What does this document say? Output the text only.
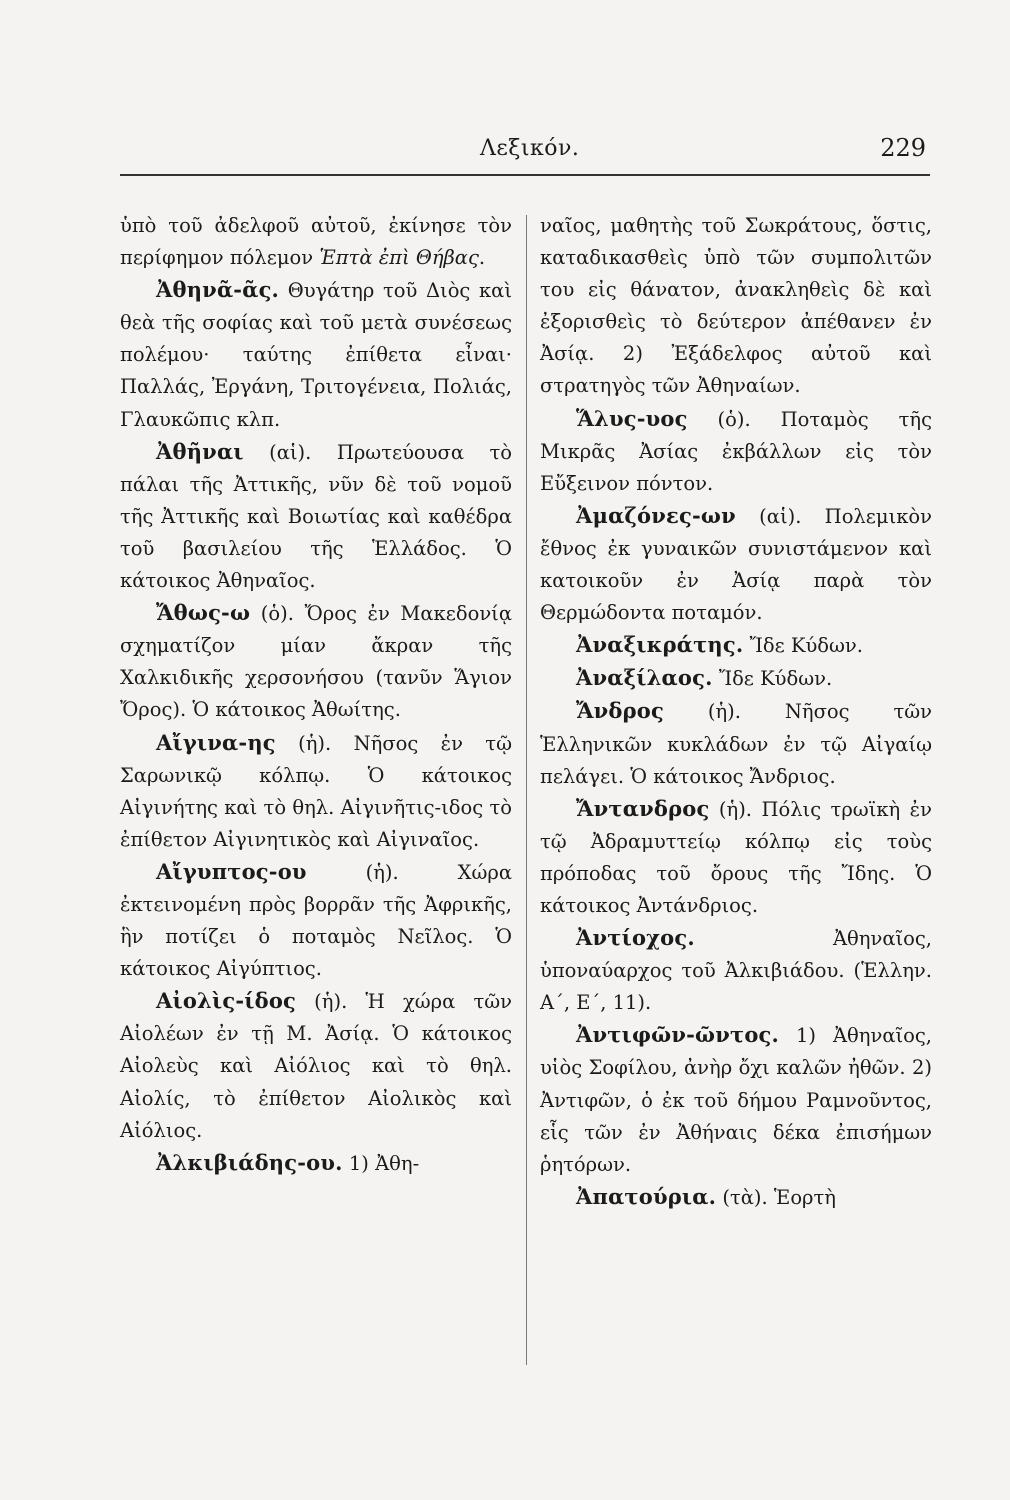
Λεξικόν.	229

ὑπὸ τοῦ ἀδελφοῦ αὐτοῦ, ἐκίνησε τὸν περίφημον πόλεμον Ἑπτὰ ἐπὶ Θήβας.

Ἀθηνᾶ-ᾶς. Θυγάτηρ τοῦ Διὸς καὶ θεὰ τῆς σοφίας καὶ τοῦ μετὰ συνέσεως πολέμου· ταύτης ἐπίθετα εἶναι· Παλλάς, Ἐργάνη, Τριτογένεια, Πολιάς, Γλαυκῶπις κλπ.

Ἀθῆναι (αἱ). Πρωτεύουσα τὸ πάλαι τῆς Ἀττικῆς, νῦν δὲ τοῦ νομοῦ τῆς Ἀττικῆς καὶ Βοιωτίας καὶ καθέδρα τοῦ βασιλείου τῆς Ἑλλάδος. Ὁ κάτοικος Ἀθηναῖος.

Ἄθως-ω (ὁ). Ὄρος ἐν Μακεδονίᾳ σχηματίζον μίαν ἄκραν τῆς Χαλκιδικῆς χερσονήσου (τανῦν Ἅγιον Ὄρος). Ὁ κάτοικος Ἀθωίτης.

Αἴγινα-ης (ἡ). Νῆσος ἐν τῷ Σαρωνικῷ κόλπῳ. Ὁ κάτοικος Αἰγινήτης καὶ τὸ θηλ. Αἰγινῆτις-ιδος τὸ ἐπίθετον Αἰγινητικὸς καὶ Αἰγιναῖος.

Αἴγυπτος-ου (ἡ). Χώρα ἐκτεινομένη πρὸς βορρᾶν τῆς Ἀφρικῆς, ἣν ποτίζει ὁ ποταμὸς Νεῖλος. Ὁ κάτοικος Αἰγύπτιος.

Αἰολὶς-ίδος (ἡ). Ἡ χώρα τῶν Αἰολέων ἐν τῇ Μ. Ἀσίᾳ. Ὁ κάτοικος Αἰολεὺς καὶ Αἰόλιος καὶ τὸ θηλ. Αἰολίς, τὸ ἐπίθετον Αἰολικὸς καὶ Αἰόλιος.

Ἀλκιβιάδης-ου. 1) Ἀθη-

ναῖος, μαθητὴς τοῦ Σωκράτους, ὅστις, καταδικασθεὶς ὑπὸ τῶν συμπολιτῶν του εἰς θάνατον, ἀνακληθεὶς δὲ καὶ ἐξορισθεὶς τὸ δεύτερον ἀπέθανεν ἐν Ἀσίᾳ. 2) Ἐξάδελφος αὐτοῦ καὶ στρατηγὸς τῶν Ἀθηναίων.

Ἅλυς-υος (ὁ). Ποταμὸς τῆς Μικρᾶς Ἀσίας ἐκβάλλων εἰς τὸν Εὔξεινον πόντον.

Ἀμαζόνες-ων (αἱ). Πολεμικὸν ἔθνος ἐκ γυναικῶν συνιστάμενον καὶ κατοικοῦν ἐν Ἀσίᾳ παρὰ τὸν Θερμώδοντα ποταμόν.

Ἀναξικράτης. Ἴδε Κύδων.

Ἀναξίλαος. Ἴδε Κύδων.

Ἄνδρος (ἡ). Νῆσος τῶν Ἑλληνικῶν κυκλάδων ἐν τῷ Αἰγαίῳ πελάγει. Ὁ κάτοικος Ἄνδριος.

Ἄντανδρος (ἡ). Πόλις τρωϊκὴ ἐν τῷ Ἀδραμυττείῳ κόλπῳ εἰς τοὺς πρόποδας τοῦ ὄρους τῆς Ἴδης. Ὁ κάτοικος Ἀντάνδριος.

Ἀντίοχος. Ἀθηναῖος, ὑποναύαρχος τοῦ Ἀλκιβιάδου. (Ἑλλην. Α΄, Ε΄, 11).

Ἀντιφῶν-ῶντος. 1) Ἀθηναῖος, υἱὸς Σοφίλου, ἀνὴρ ὄχι καλῶν ἠθῶν. 2) Ἀντιφῶν, ὁ ἐκ τοῦ δήμου Ραμνοῦντος, εἷς τῶν ἐν Ἀθήναις δέκα ἐπισήμων ῥητόρων.

Ἀπατούρια. (τὰ). Ἑορτὴ
